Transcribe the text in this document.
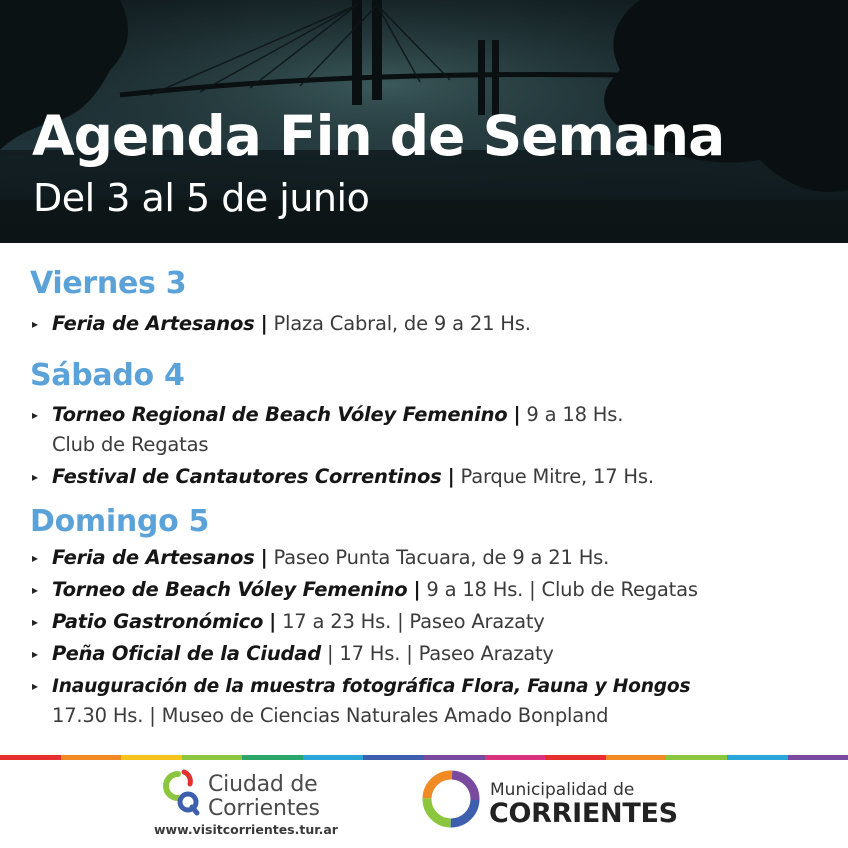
Agenda Fin de Semana
Del 3 al 5 de junio
Viernes 3
▸ Feria de Artesanos | Plaza Cabral, de 9 a 21 Hs.
Sábado 4
▸ Torneo Regional de Beach Vóley Femenino | 9 a 18 Hs.
Club de Regatas
▸ Festival de Cantautores Correntinos | Parque Mitre, 17 Hs.
Domingo 5
▸ Feria de Artesanos | Paseo Punta Tacuara, de 9 a 21 Hs.
▸ Torneo de Beach Vóley Femenino | 9 a 18 Hs. | Club de Regatas
▸ Patio Gastronómico | 17 a 23 Hs. | Paseo Arazaty
▸ Peña Oficial de la Ciudad | 17 Hs. | Paseo Arazaty
▸ Inauguración de la muestra fotográfica Flora, Fauna y Hongos
17.30 Hs. | Museo de Ciencias Naturales Amado Bonpland
Ciudad de
Corrientes
www.visitcorrientes.tur.ar
Municipalidad de
CORRIENTES
